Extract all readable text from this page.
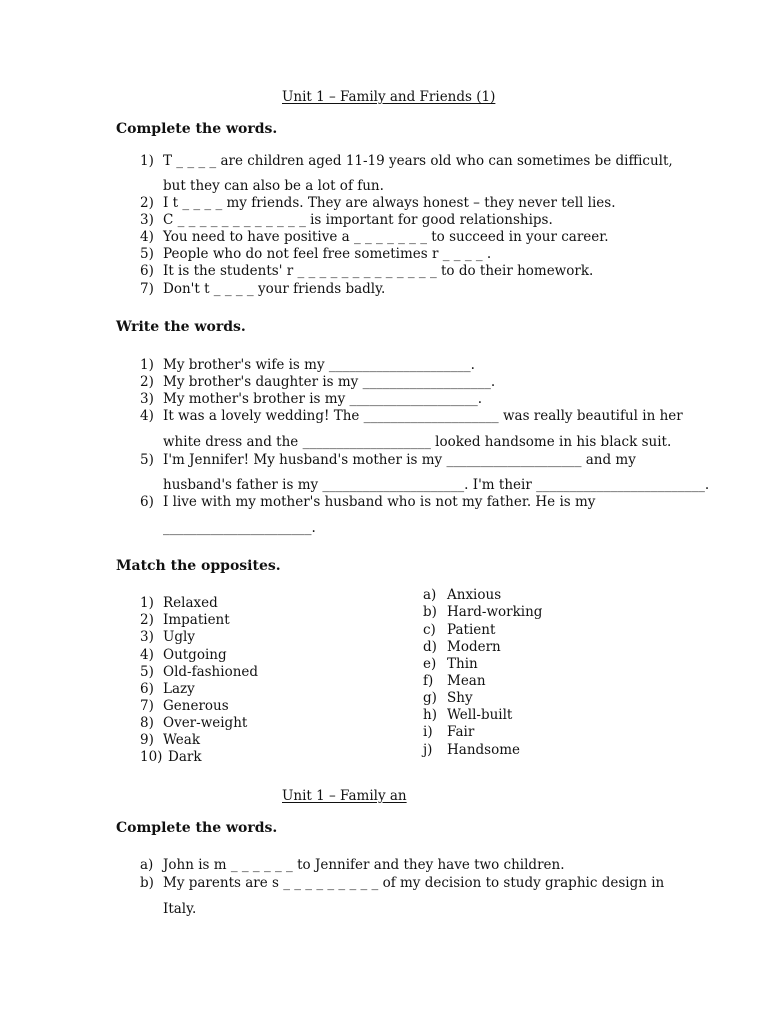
Unit 1 – Family and Friends (1)
Complete the words.
1) T _ _ _ _ are children aged 11-19 years old who can sometimes be difficult,
but they can also be a lot of fun.
2) I t _ _ _ _ my friends. They are always honest – they never tell lies.
3) C _ _ _ _ _ _ _ _ _ _ _ _ is important for good relationships.
4) You need to have positive a _ _ _ _ _ _ _ to succeed in your career.
5) People who do not feel free sometimes r _ _ _ _ .
6) It is the students' r _ _ _ _ _ _ _ _ _ _ _ _ _ to do their homework.
7) Don't t _ _ _ _ your friends badly.
Write the words.
1) My brother's wife is my _____________________.
2) My brother's daughter is my ___________________.
3) My mother's brother is my ___________________.
4) It was a lovely wedding! The ____________________ was really beautiful in her
white dress and the ___________________ looked handsome in his black suit.
5) I'm Jennifer! My husband's mother is my ____________________ and my
husband's father is my _____________________. I'm their _________________________.
6) I live with my mother's husband who is not my father. He is my
______________________.
Match the opposites.
1) Relaxed
2) Impatient
3) Ugly
4) Outgoing
5) Old-fashioned
6) Lazy
7) Generous
8) Over-weight
9) Weak
10) Dark
a) Anxious
b) Hard-working
c) Patient
d) Modern
e) Thin
f) Mean
g) Shy
h) Well-built
i) Fair
j) Handsome
Unit 1 – Family an
Complete the words.
a) John is m _ _ _ _ _ _ to Jennifer and they have two children.
b) My parents are s _ _ _ _ _ _ _ _ _ of my decision to study graphic design in
Italy.
